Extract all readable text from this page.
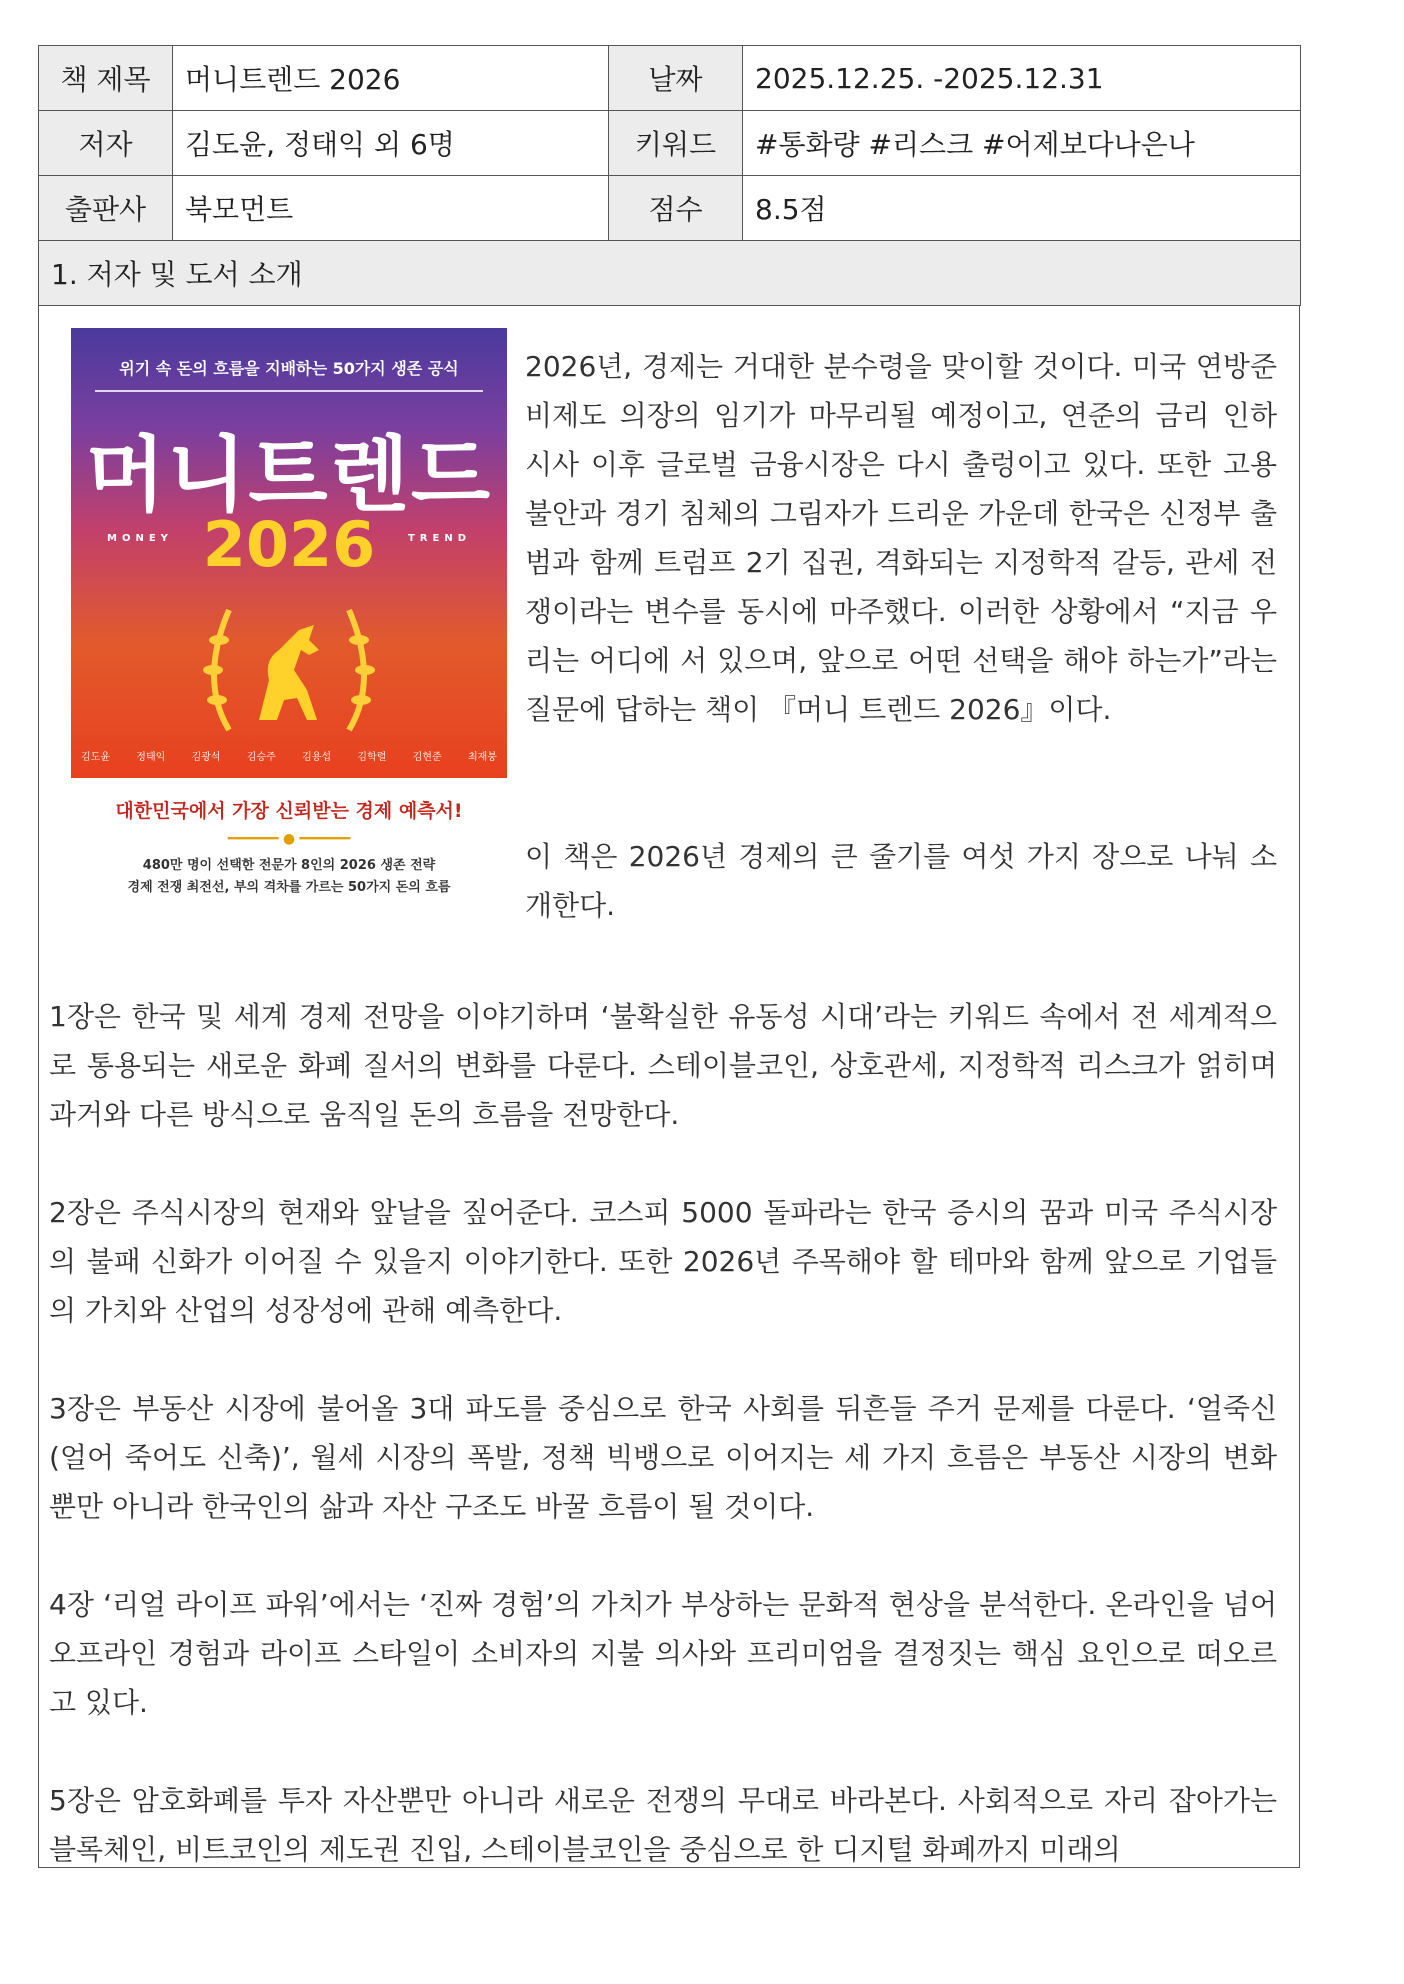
책 제목	머니트렌드 2026	날짜	2025.12.25. -2025.12.31
저자	김도윤, 정태익 외 6명	키워드	#통화량 #리스크 #어제보다나은나
출판사	북모먼트	점수	8.5점
1. 저자 및 도서 소개			
위기 속 돈의 흐름을 지배하는 50가지 생존 공식
머니트렌드
MONEY	TREND
2026
김도윤	정태익	김광석	김승주	김용섭	김학렬	김현준	최재붕
대한민국에서 가장 신뢰받는 경제 예측서!
━━━━━━ ● ━━━━━━
480만 명이 선택한 전문가 8인의 2026 생존 전략
경제 전쟁 최전선, 부의 격차를 가르는 50가지 돈의 흐름

2026년, 경제는 거대한 분수령을 맞이할 것이다. 미국 연방준비제도 의장의 임기가 마무리될 예정이고, 연준의 금리 인하 시사 이후 글로벌 금융시장은 다시 출렁이고 있다. 또한 고용 불안과 경기 침체의 그림자가 드리운 가운데 한국은 신정부 출범과 함께 트럼프 2기 집권, 격화되는 지정학적 갈등, 관세 전쟁이라는 변수를 동시에 마주했다. 이러한 상황에서 “지금 우리는 어디에 서 있으며, 앞으로 어떤 선택을 해야 하는가”라는 질문에 답하는 책이 『머니 트렌드 2026』이다.

이 책은 2026년 경제의 큰 줄기를 여섯 가지 장으로 나눠 소개한다.

1장은 한국 및 세계 경제 전망을 이야기하며 ‘불확실한 유동성 시대’라는 키워드 속에서 전 세계적으로 통용되는 새로운 화폐 질서의 변화를 다룬다. 스테이블코인, 상호관세, 지정학적 리스크가 얽히며 과거와 다른 방식으로 움직일 돈의 흐름을 전망한다.

2장은 주식시장의 현재와 앞날을 짚어준다. 코스피 5000 돌파라는 한국 증시의 꿈과 미국 주식시장의 불패 신화가 이어질 수 있을지 이야기한다. 또한 2026년 주목해야 할 테마와 함께 앞으로 기업들의 가치와 산업의 성장성에 관해 예측한다.

3장은 부동산 시장에 불어올 3대 파도를 중심으로 한국 사회를 뒤흔들 주거 문제를 다룬다. ‘얼죽신(얼어 죽어도 신축)’, 월세 시장의 폭발, 정책 빅뱅으로 이어지는 세 가지 흐름은 부동산 시장의 변화뿐만 아니라 한국인의 삶과 자산 구조도 바꿀 흐름이 될 것이다.

4장 ‘리얼 라이프 파워’에서는 ‘진짜 경험’의 가치가 부상하는 문화적 현상을 분석한다. 온라인을 넘어 오프라인 경험과 라이프 스타일이 소비자의 지불 의사와 프리미엄을 결정짓는 핵심 요인으로 떠오르고 있다.

5장은 암호화폐를 투자 자산뿐만 아니라 새로운 전쟁의 무대로 바라본다. 사회적으로 자리 잡아가는 블록체인, 비트코인의 제도권 진입, 스테이블코인을 중심으로 한 디지털 화폐까지 미래의
